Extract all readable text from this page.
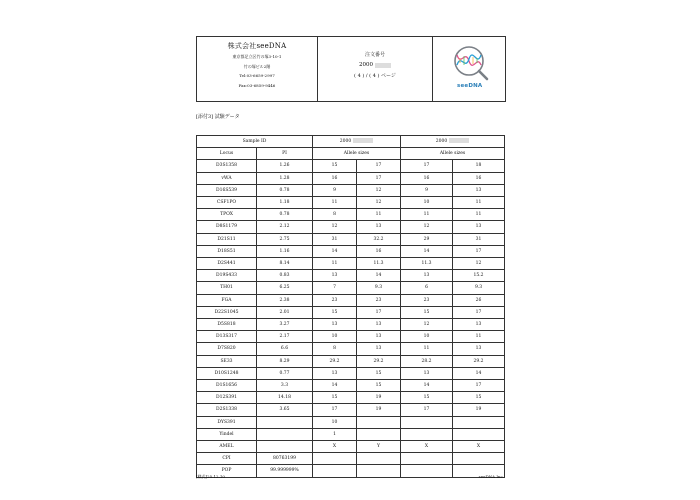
株式会社seeDNA
東京都足立区竹の塚3-10-1
竹の塚ビル2階
Tel:03-6659-2997
Fax:03-6859-9446
注文番号
2000
( 4 ) / ( 4 ) ページ
seeDNA
[添付3] 試験データ
Sample ID		2000		2000	
Locus	PI	Allele sizes		Allele sizes	
D3S1358	1.26	15	17	17	18
vWA	1.28	16	17	16	16
D16S539	0.78	9	12	9	13
CSF1PO	1.18	11	12	10	11
TPOX	0.78	8	11	11	11
D8S1179	2.12	12	13	12	13
D21S11	2.75	31	32.2	29	31
D18S51	1.16	14	16	14	17
D2S441	8.14	11	11.3	11.3	12
D19S433	0.83	13	14	13	15.2
TH01	6.25	7	9.3	6	9.3
FGA	2.38	23	23	23	26
D22S1045	2.01	15	17	15	17
D5S818	3.27	13	13	12	13
D13S317	2.17	10	13	10	11
D7S820	6.6	8	13	11	13
SE33	8.29	29.2	29.2	28.2	29.2
D10S1248	0.77	13	15	13	14
D1S1656	3.3	14	15	14	17
D12S391	14.18	15	19	15	15
D2S1338	3.65	17	19	17	19
DYS391		10			
Yindel		1			
AMEL		X	Y	X	X
CPI	80763199				
POP	99.999999%				
[様式]25.12.10	seeDNA Inc.
